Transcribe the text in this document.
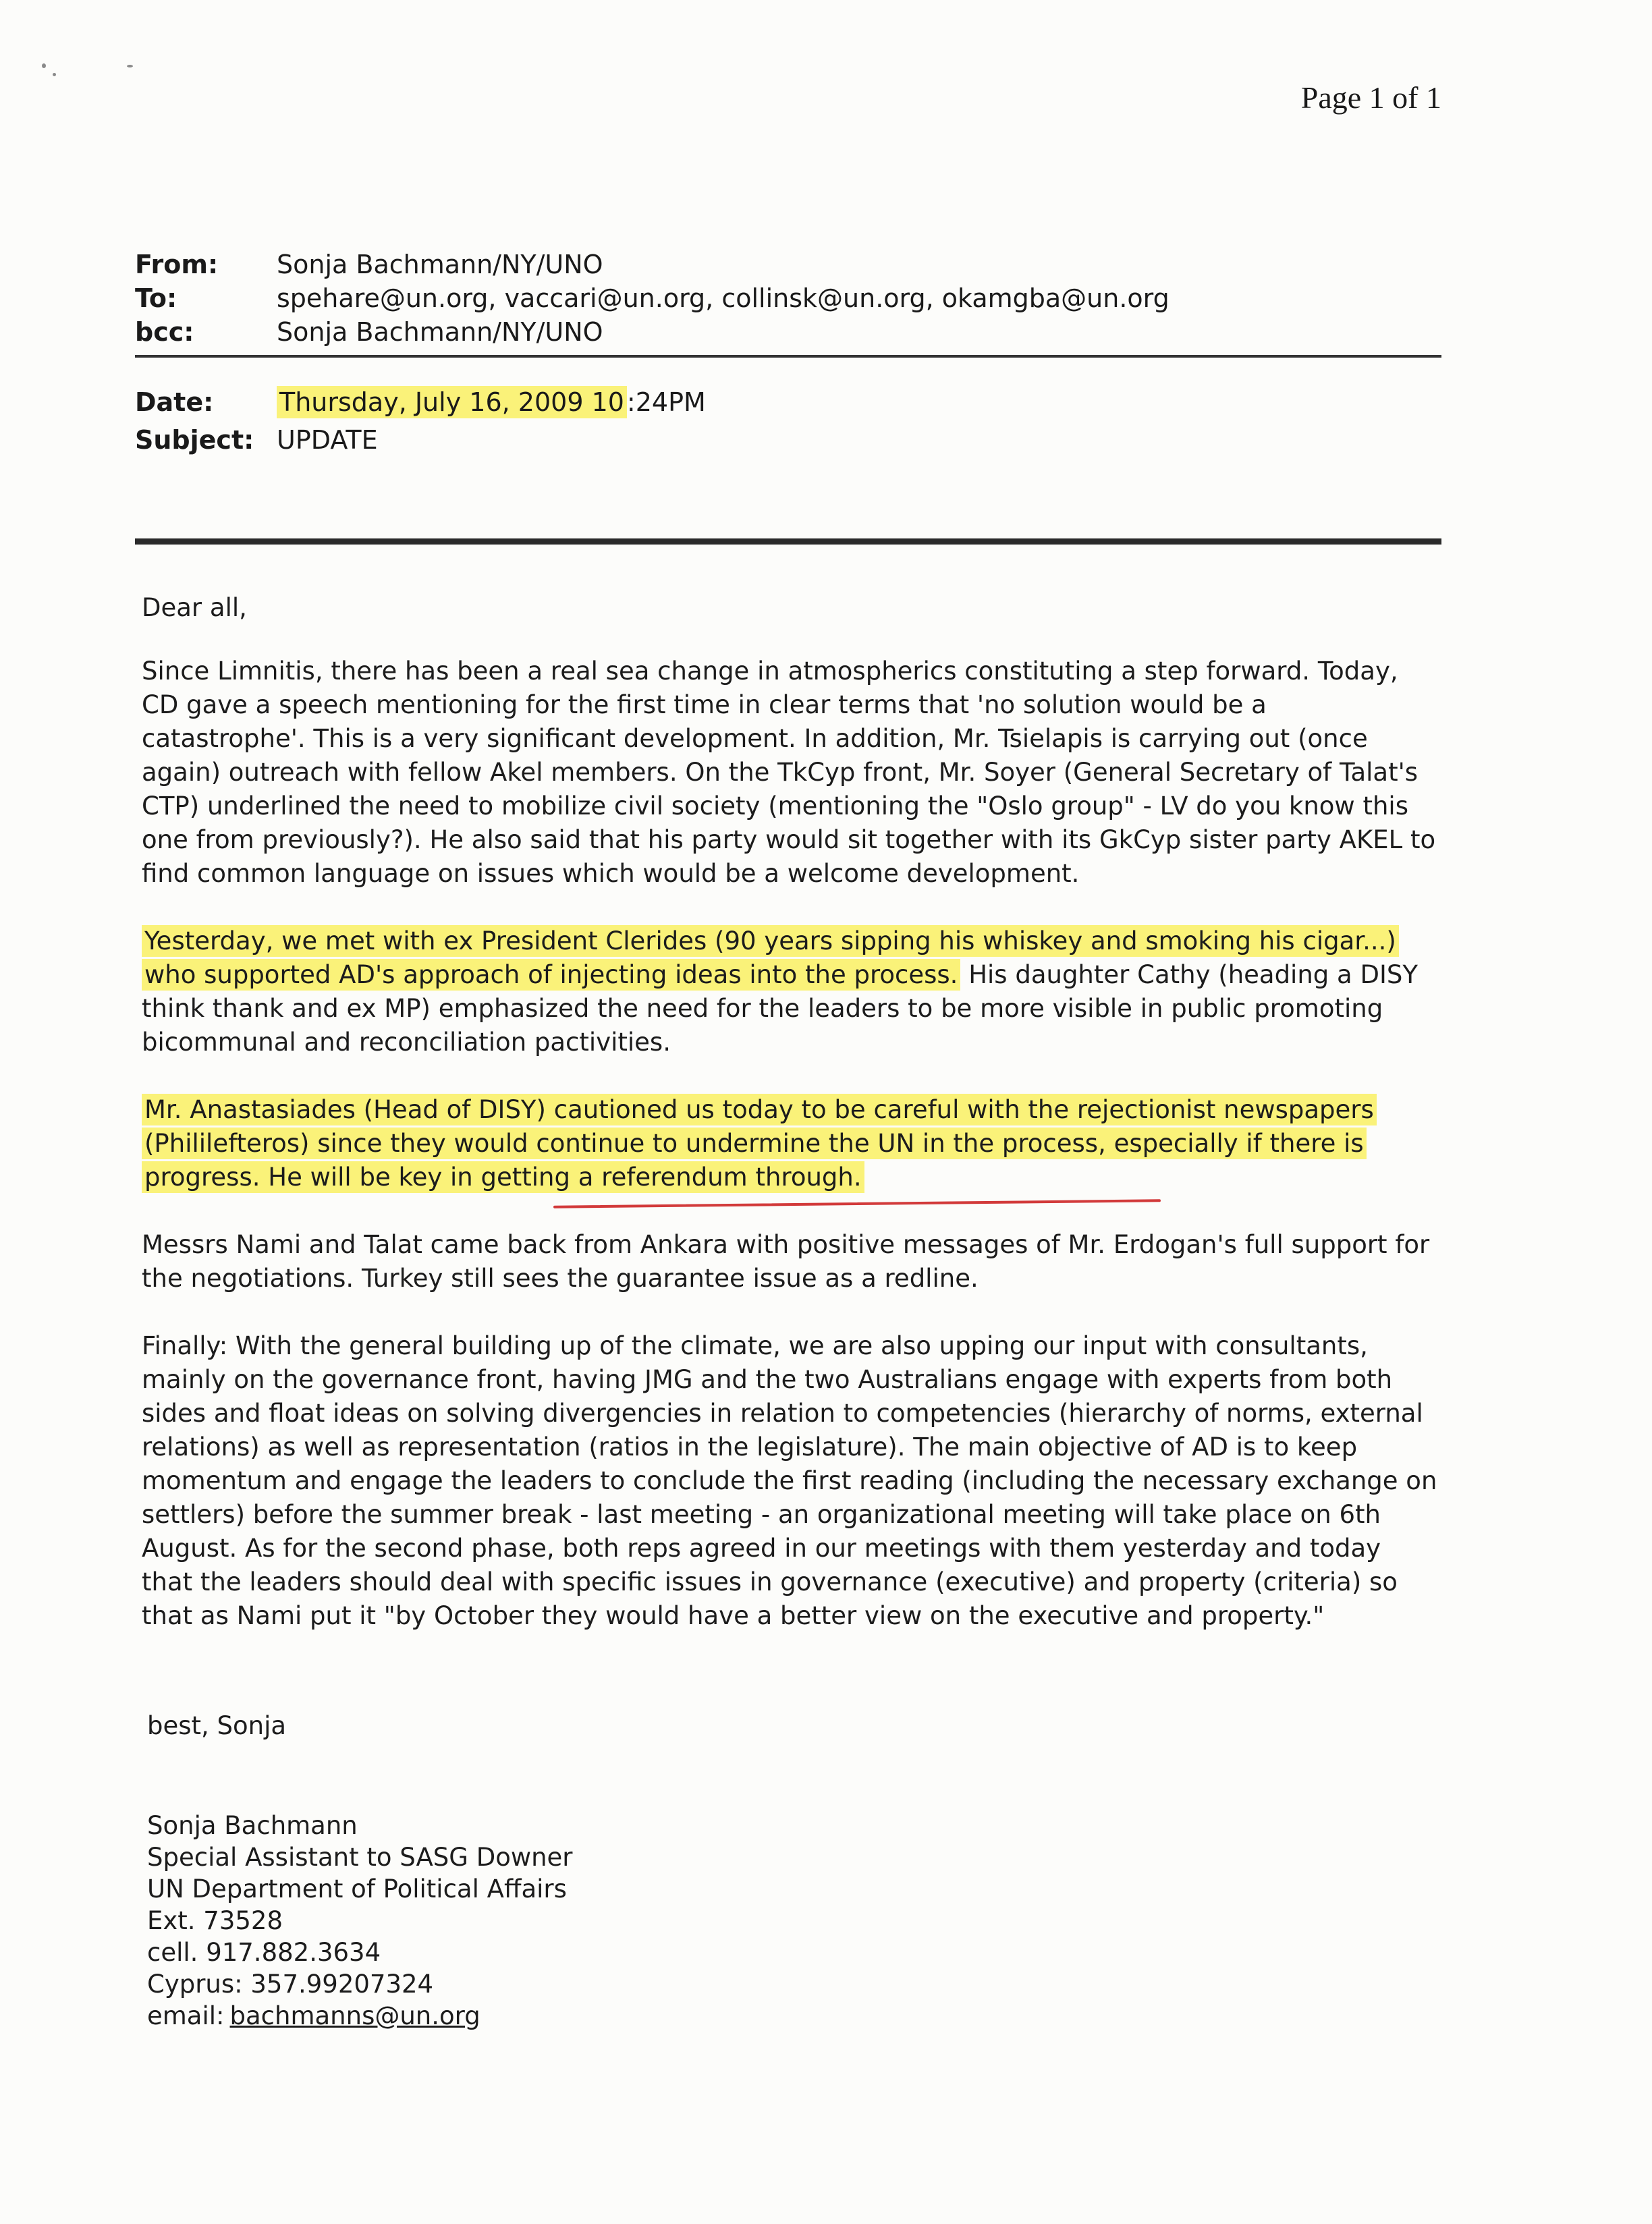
Page 1 of 1
From:	Sonja Bachmann/NY/UNO
To:	spehare@un.org, vaccari@un.org, collinsk@un.org, okamgba@un.org
bcc:	Sonja Bachmann/NY/UNO
Date:	Thursday, July 16, 2009 10 :24PM
Subject: UPDATE

Dear all,

Since Limnitis, there has been a real sea change in atmospherics constituting a step forward. Today, CD gave a speech mentioning for the first time in clear terms that 'no solution would be a catastrophe'. This is a very significant development. In addition, Mr. Tsielapis is carrying out (once again) outreach with fellow Akel members. On the TkCyp front, Mr. Soyer (General Secretary of Talat's CTP) underlined the need to mobilize civil society (mentioning the "Oslo group" - LV do you know this one from previously?). He also said that his party would sit together with its GkCyp sister party AKEL to find common language on issues which would be a welcome development.

Yesterday, we met with ex President Clerides (90 years sipping his whiskey and smoking his cigar...) who supported AD's approach of injecting ideas into the process. His daughter Cathy (heading a DISY think thank and ex MP) emphasized the need for the leaders to be more visible in public promoting bicommunal and reconciliation pactivities.

Mr. Anastasiades (Head of DISY) cautioned us today to be careful with the rejectionist newspapers (Phililefteros) since they would continue to undermine the UN in the process, especially if there is progress. He will be key in getting a referendum through.

Messrs Nami and Talat came back from Ankara with positive messages of Mr. Erdogan's full support for the negotiations. Turkey still sees the guarantee issue as a redline.

Finally: With the general building up of the climate, we are also upping our input with consultants, mainly on the governance front, having JMG and the two Australians engage with experts from both sides and float ideas on solving divergencies in relation to competencies (hierarchy of norms, external relations) as well as representation (ratios in the legislature). The main objective of AD is to keep momentum and engage the leaders to conclude the first reading (including the necessary exchange on settlers) before the summer break - last meeting - an organizational meeting will take place on 6th August. As for the second phase, both reps agreed in our meetings with them yesterday and today that the leaders should deal with specific issues in governance (executive) and property (criteria) so that as Nami put it "by October they would have a better view on the executive and property."

best, Sonja
Sonja Bachmann
Special Assistant to SASG Downer
UN Department of Political Affairs
Ext. 73528
cell. 917.882.3634
Cyprus: 357.99207324
email: bachmanns@un.org
